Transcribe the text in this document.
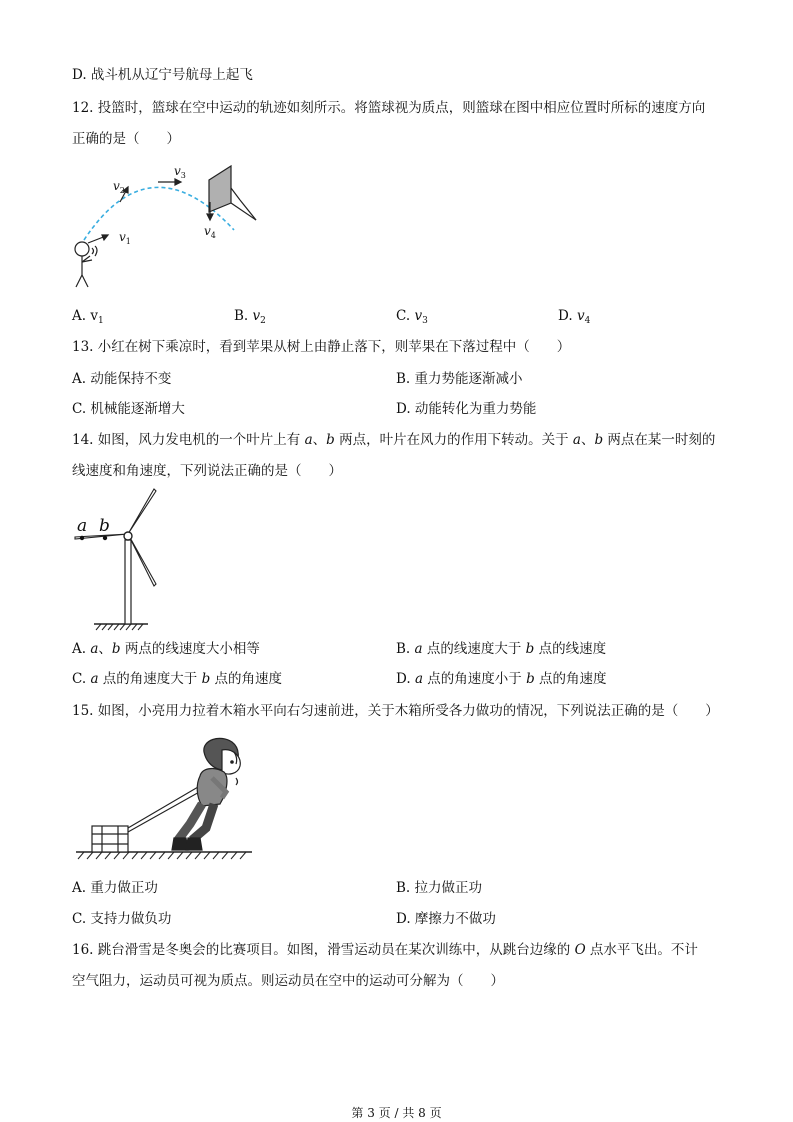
D. 战斗机从辽宁号航母上起飞
12. 投篮时，篮球在空中运动的轨迹如刻所示。将篮球视为质点，则篮球在图中相应位置时所标的速度方向
正确的是（　　）
$v_1$
$v_2$
$v_3$
$v_4$
A. $v_1$	B. $v_2$	C. $v_3$	D. $v_4$
13. 小红在树下乘凉时，看到苹果从树上由静止落下，则苹果在下落过程中（　　）
A. 动能保持不变	B. 重力势能逐渐减小
C. 机械能逐渐增大	D. 动能转化为重力势能
14. 如图，风力发电机的一个叶片上有 a、b 两点，叶片在风力的作用下转动。关于 a、b 两点在某一时刻的
线速度和角速度，下列说法正确的是（　　）
a b
A. a、b 两点的线速度大小相等	B. a 点的线速度大于 b 点的线速度
C. a 点的角速度大于 b 点的角速度	D. a 点的角速度小于 b 点的角速度
15. 如图，小亮用力拉着木箱水平向右匀速前进，关于木箱所受各力做功的情况，下列说法正确的是（　　）
A. 重力做正功	B. 拉力做正功
C. 支持力做负功	D. 摩擦力不做功
16. 跳台滑雪是冬奥会的比赛项目。如图，滑雪运动员在某次训练中，从跳台边缘的 O 点水平飞出。不计
空气阻力，运动员可视为质点。则运动员在空中的运动可分解为（　　）
第 3 页 / 共 8 页
